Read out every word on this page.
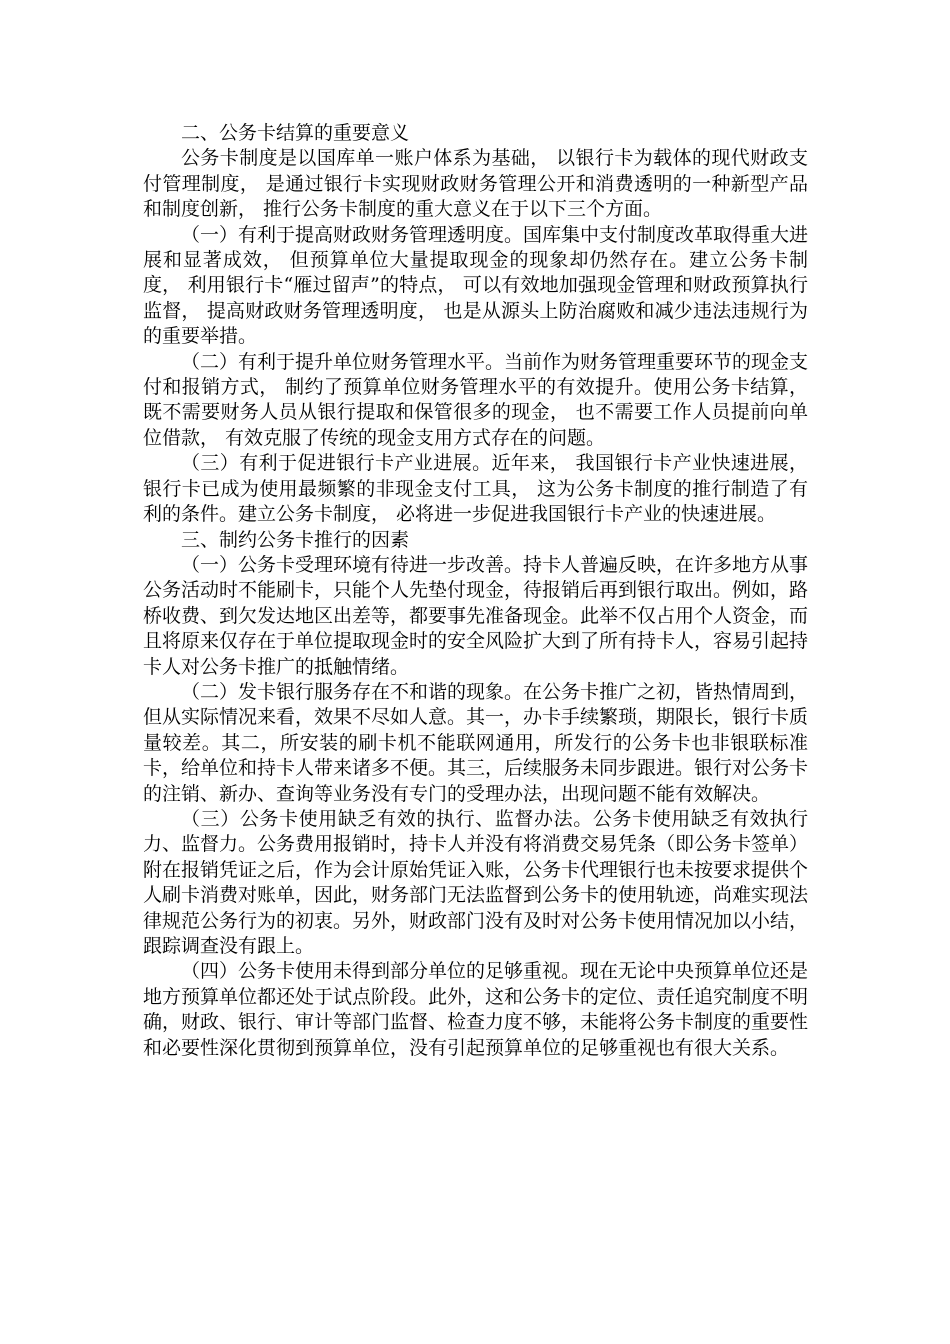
二、公务卡结算的重要意义

公务卡制度是以国库单一账户体系为基础， 以银行卡为载体的现代财政支付管理制度， 是通过银行卡实现财政财务管理公开和消费透明的一种新型产品和制度创新， 推行公务卡制度的重大意义在于以下三个方面。

（一）有利于提高财政财务管理透明度。国库集中支付制度改革取得重大进展和显著成效， 但预算单位大量提取现金的现象却仍然存在。建立公务卡制度， 利用银行卡“雁过留声”的特点， 可以有效地加强现金管理和财政预算执行监督， 提高财政财务管理透明度， 也是从源头上防治腐败和减少违法违规行为的重要举措。

（二）有利于提升单位财务管理水平。当前作为财务管理重要环节的现金支付和报销方式， 制约了预算单位财务管理水平的有效提升。使用公务卡结算， 既不需要财务人员从银行提取和保管很多的现金， 也不需要工作人员提前向单位借款， 有效克服了传统的现金支用方式存在的问题。

（三）有利于促进银行卡产业进展。近年来， 我国银行卡产业快速进展， 银行卡已成为使用最频繁的非现金支付工具， 这为公务卡制度的推行制造了有利的条件。建立公务卡制度， 必将进一步促进我国银行卡产业的快速进展。

三、制约公务卡推行的因素

（一）公务卡受理环境有待进一步改善。持卡人普遍反映，在许多地方从事公务活动时不能刷卡，只能个人先垫付现金，待报销后再到银行取出。例如，路桥收费、到欠发达地区出差等，都要事先准备现金。此举不仅占用个人资金，而且将原来仅存在于单位提取现金时的安全风险扩大到了所有持卡人，容易引起持卡人对公务卡推广的抵触情绪。

（二）发卡银行服务存在不和谐的现象。在公务卡推广之初，皆热情周到，但从实际情况来看，效果不尽如人意。其一，办卡手续繁琐，期限长，银行卡质量较差。其二，所安装的刷卡机不能联网通用，所发行的公务卡也非银联标准卡，给单位和持卡人带来诸多不便。其三，后续服务未同步跟进。银行对公务卡的注销、新办、查询等业务没有专门的受理办法，出现问题不能有效解决。

（三）公务卡使用缺乏有效的执行、监督办法。公务卡使用缺乏有效执行力、监督力。公务费用报销时，持卡人并没有将消费交易凭条（即公务卡签单）附在报销凭证之后，作为会计原始凭证入账，公务卡代理银行也未按要求提供个人刷卡消费对账单，因此，财务部门无法监督到公务卡的使用轨迹，尚难实现法律规范公务行为的初衷。另外，财政部门没有及时对公务卡使用情况加以小结，跟踪调查没有跟上。

（四）公务卡使用未得到部分单位的足够重视。现在无论中央预算单位还是地方预算单位都还处于试点阶段。此外，这和公务卡的定位、责任追究制度不明确，财政、银行、审计等部门监督、检查力度不够，未能将公务卡制度的重要性和必要性深化贯彻到预算单位，没有引起预算单位的足够重视也有很大关系。
